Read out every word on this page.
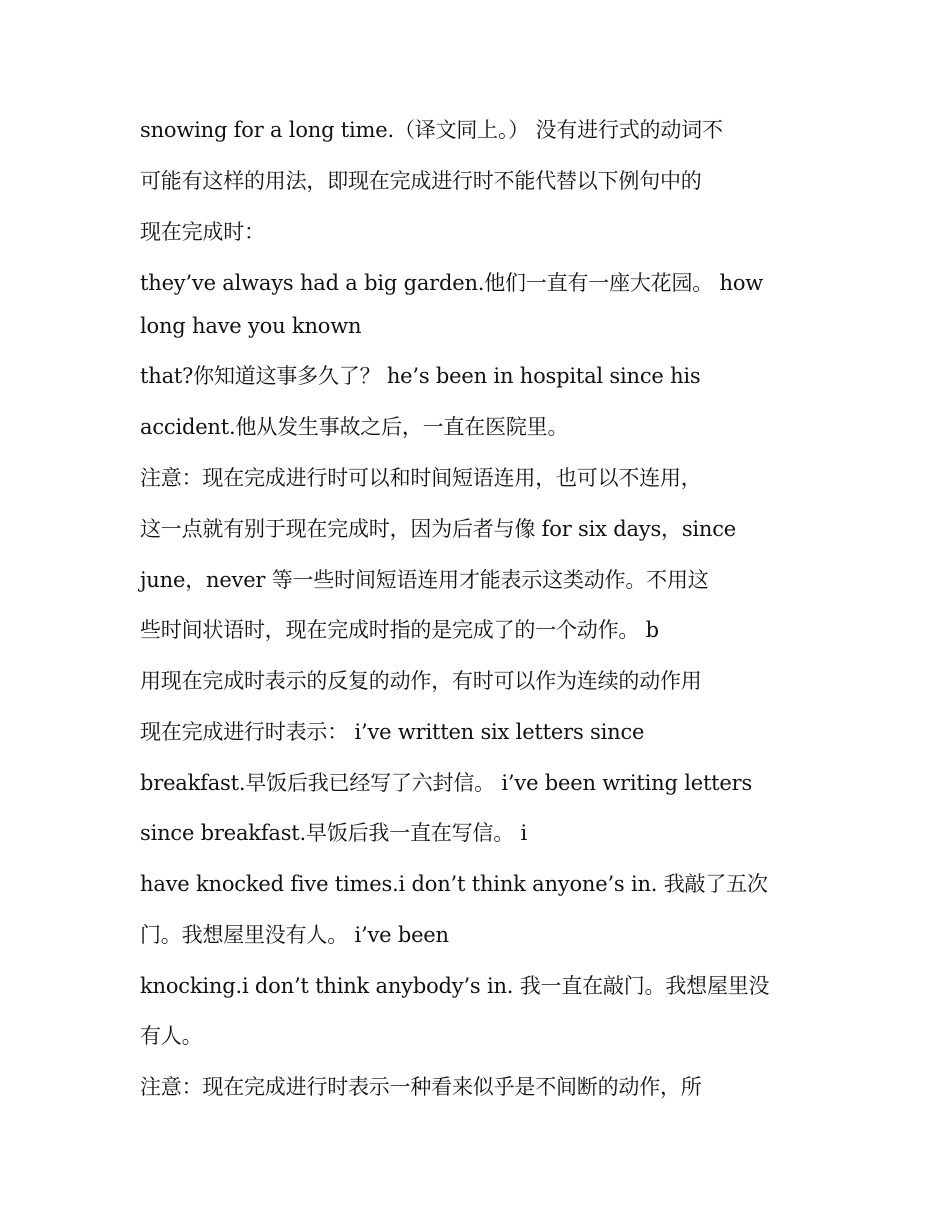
snowing for a long time.（译文同上。） 没有进行式的动词不
可能有这样的用法，即现在完成进行时不能代替以下例句中的
现在完成时：
they’ve always had a big garden.他们一直有一座大花园。 how
long have you known
that?你知道这事多久了？ he’s been in hospital since his
accident.他从发生事故之后，一直在医院里。
注意：现在完成进行时可以和时间短语连用，也可以不连用，
这一点就有别于现在完成时，因为后者与像 for six days，since
june，never 等一些时间短语连用才能表示这类动作。不用这
些时间状语时，现在完成时指的是完成了的一个动作。 b
用现在完成时表示的反复的动作，有时可以作为连续的动作用
现在完成进行时表示： i’ve written six letters since
breakfast.早饭后我已经写了六封信。 i’ve been writing letters
since breakfast.早饭后我一直在写信。 i
have knocked five times.i don’t think anyone’s in. 我敲了五次
门。我想屋里没有人。 i’ve been
knocking.i don’t think anybody’s in. 我一直在敲门。我想屋里没
有人。
注意：现在完成进行时表示一种看来似乎是不间断的动作，所
